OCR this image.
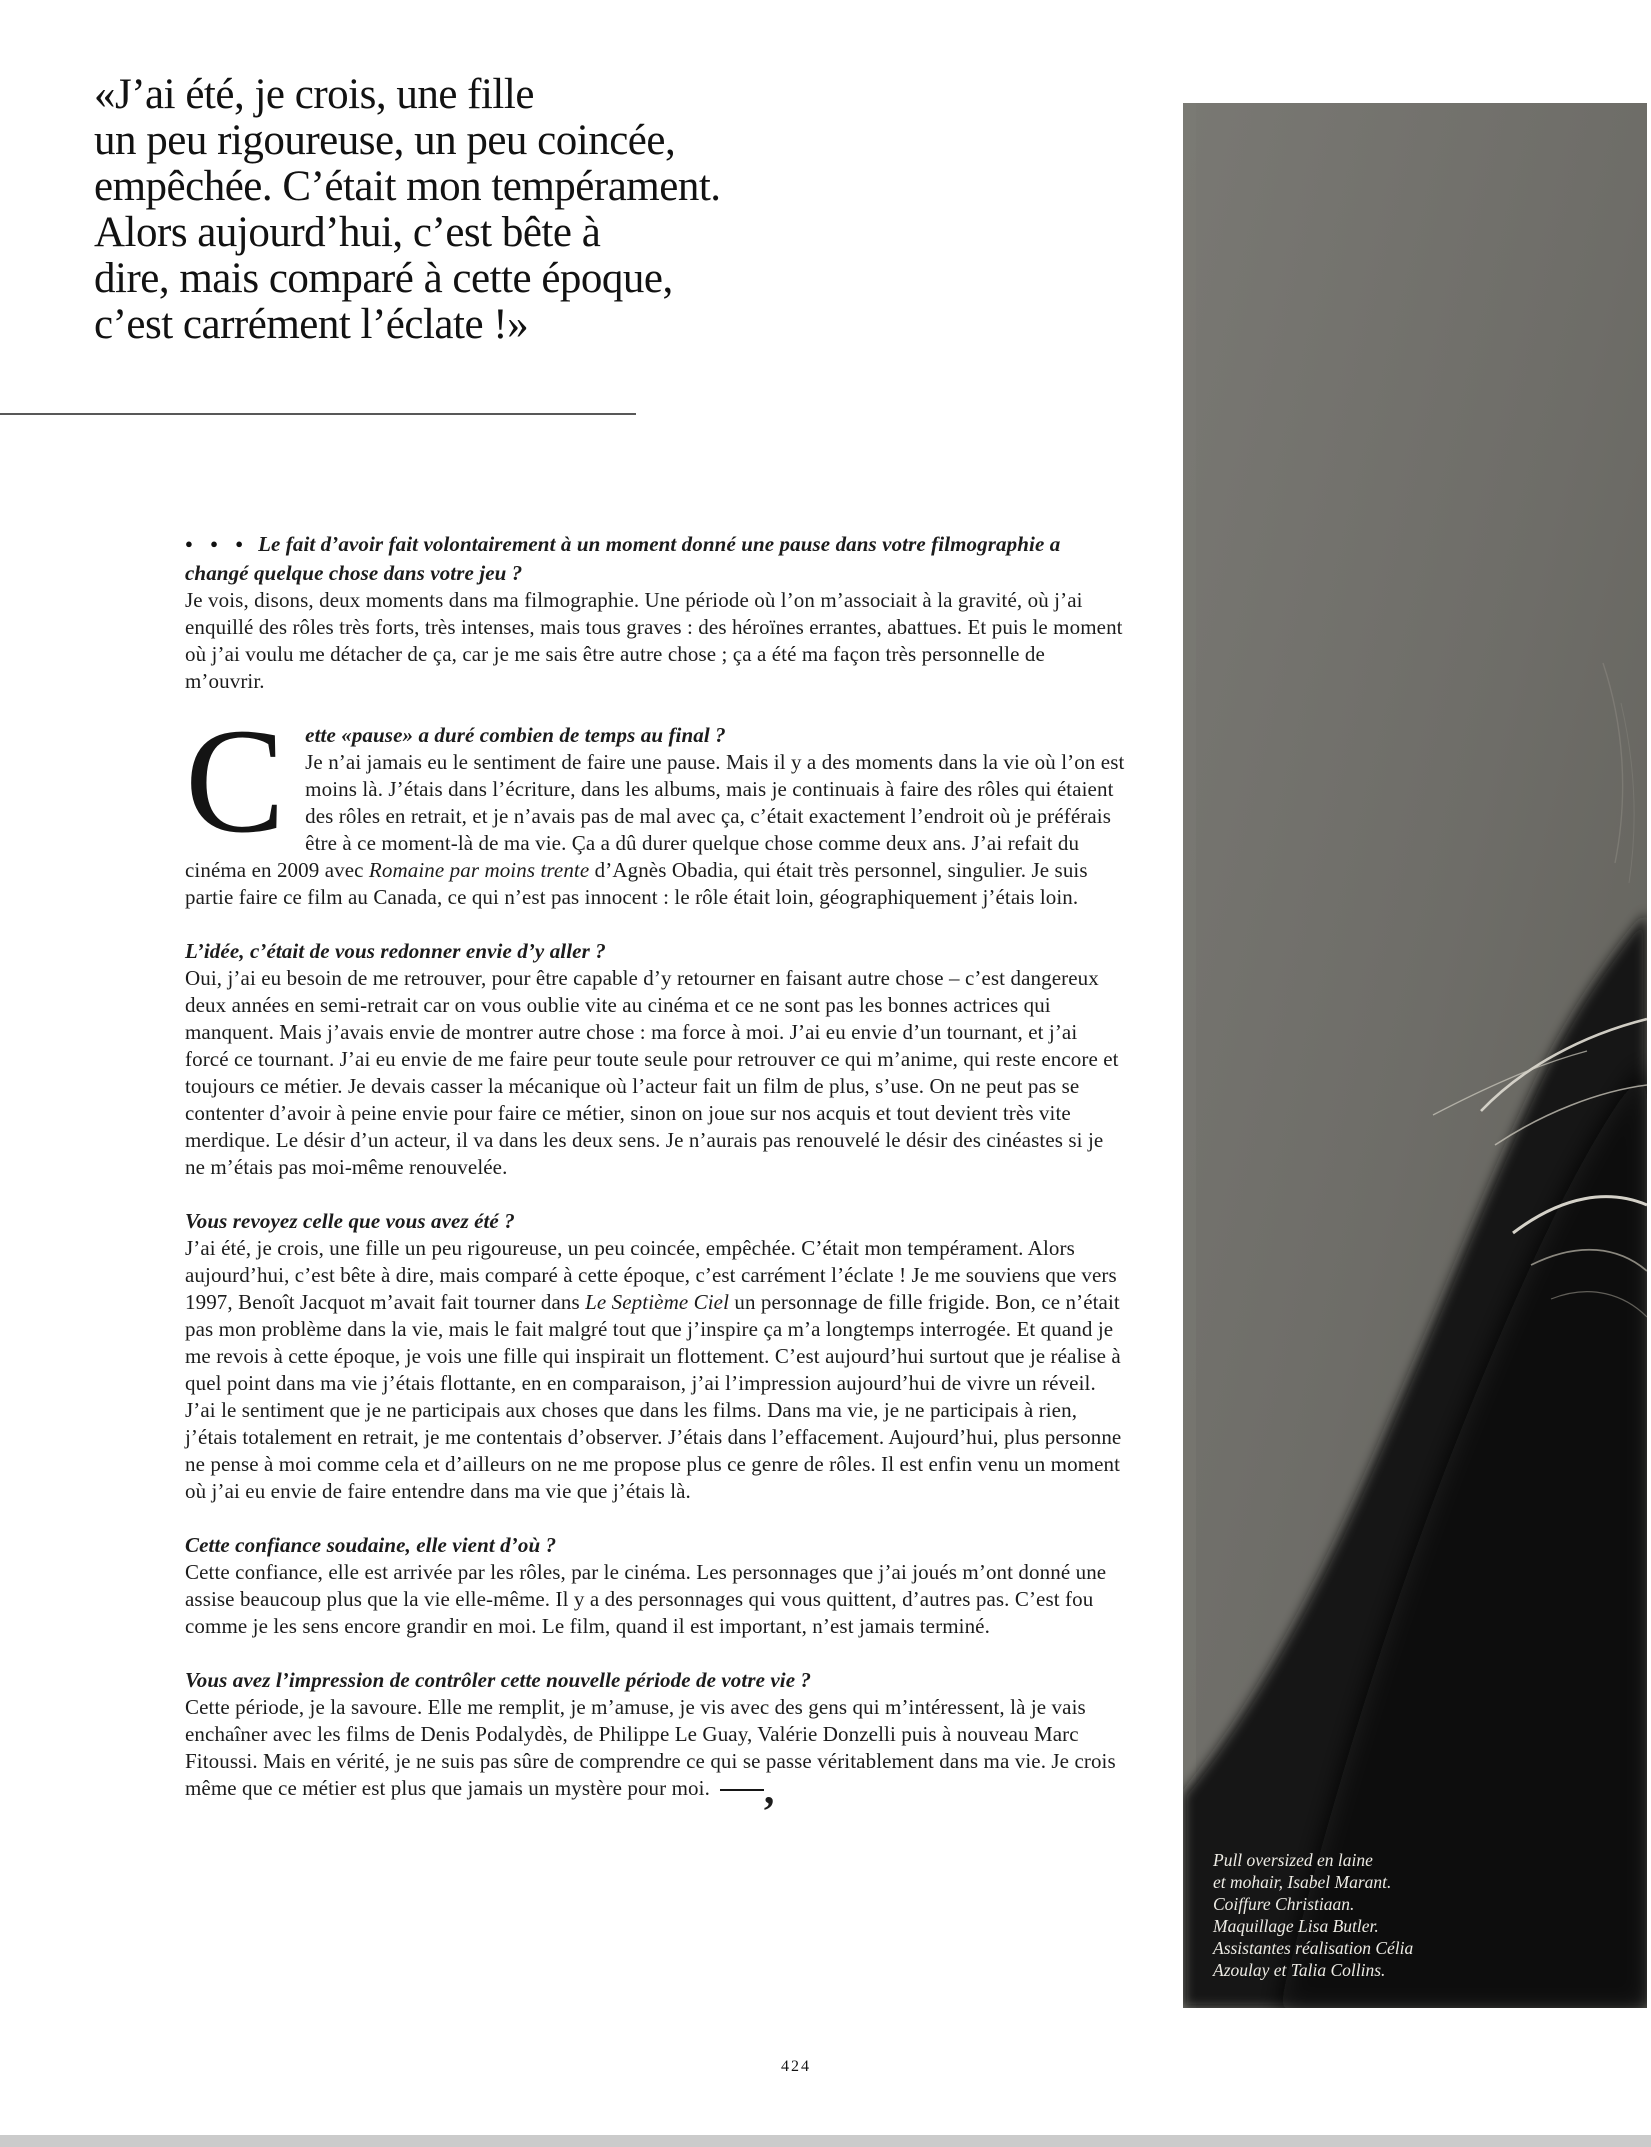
«J’ai été, je crois, une fille
un peu rigoureuse, un peu coincée,
empêchée. C’était mon tempérament.
Alors aujourd’hui, c’est bête à
dire, mais comparé à cette époque,
c’est carrément l’éclate !»

● ● ● Le fait d’avoir fait volontairement à un moment donné une pause dans votre filmographie a changé quelque chose dans votre jeu ?

Je vois, disons, deux moments dans ma filmographie. Une période où l’on m’associait à la gravité, où j’ai enquillé des rôles très forts, très intenses, mais tous graves : des héroïnes errantes, abattues. Et puis le moment où j’ai voulu me détacher de ça, car je me sais être autre chose ; ça a été ma façon très personnelle de m’ouvrir.

C ette «pause» a duré combien de temps au final ?

Je n’ai jamais eu le sentiment de faire une pause. Mais il y a des moments dans la vie où l’on est moins là. J’étais dans l’écriture, dans les albums, mais je continuais à faire des rôles qui étaient des rôles en retrait, et je n’avais pas de mal avec ça, c’était exactement l’endroit où je préférais être à ce moment-là de ma vie. Ça a dû durer quelque chose comme deux ans. J’ai refait du cinéma en 2009 avec Romaine par moins trente d’Agnès Obadia, qui était très personnel, singulier. Je suis partie faire ce film au Canada, ce qui n’est pas innocent : le rôle était loin, géographiquement j’étais loin.

L’idée, c’était de vous redonner envie d’y aller ?

Oui, j’ai eu besoin de me retrouver, pour être capable d’y retourner en faisant autre chose – c’est dangereux deux années en semi-retrait car on vous oublie vite au cinéma et ce ne sont pas les bonnes actrices qui manquent. Mais j’avais envie de montrer autre chose : ma force à moi. J’ai eu envie d’un tournant, et j’ai forcé ce tournant. J’ai eu envie de me faire peur toute seule pour retrouver ce qui m’anime, qui reste encore et toujours ce métier. Je devais casser la mécanique où l’acteur fait un film de plus, s’use. On ne peut pas se contenter d’avoir à peine envie pour faire ce métier, sinon on joue sur nos acquis et tout devient très vite merdique. Le désir d’un acteur, il va dans les deux sens. Je n’aurais pas renouvelé le désir des cinéastes si je ne m’étais pas moi-même renouvelée.

Vous revoyez celle que vous avez été ?

J’ai été, je crois, une fille un peu rigoureuse, un peu coincée, empêchée. C’était mon tempérament. Alors aujourd’hui, c’est bête à dire, mais comparé à cette époque, c’est carrément l’éclate ! Je me souviens que vers 1997, Benoît Jacquot m’avait fait tourner dans Le Septième Ciel un personnage de fille frigide. Bon, ce n’était pas mon problème dans la vie, mais le fait malgré tout que j’inspire ça m’a longtemps interrogée. Et quand je me revois à cette époque, je vois une fille qui inspirait un flottement. C’est aujourd’hui surtout que je réalise à quel point dans ma vie j’étais flottante, en en comparaison, j’ai l’impression aujourd’hui de vivre un réveil. J’ai le sentiment que je ne participais aux choses que dans les films. Dans ma vie, je ne participais à rien, j’étais totalement en retrait, je me contentais d’observer. J’étais dans l’effacement. Aujourd’hui, plus personne ne pense à moi comme cela et d’ailleurs on ne me propose plus ce genre de rôles. Il est enfin venu un moment où j’ai eu envie de faire entendre dans ma vie que j’étais là.

Cette confiance soudaine, elle vient d’où ?

Cette confiance, elle est arrivée par les rôles, par le cinéma. Les personnages que j’ai joués m’ont donné une assise beaucoup plus que la vie elle-même. Il y a des personnages qui vous quittent, d’autres pas. C’est fou comme je les sens encore grandir en moi. Le film, quand il est important, n’est jamais terminé.

Vous avez l’impression de contrôler cette nouvelle période de votre vie ?

Cette période, je la savoure. Elle me remplit, je m’amuse, je vis avec des gens qui m’intéressent, là je vais enchaîner avec les films de Denis Podalydès, de Philippe Le Guay, Valérie Donzelli puis à nouveau Marc Fitoussi. Mais en vérité, je ne suis pas sûre de comprendre ce qui se passe véritablement dans ma vie. Je crois même que ce métier est plus que jamais un mystère pour moi. ,

Pull oversized en laine
et mohair, Isabel Marant.
Coiffure Christiaan.
Maquillage Lisa Butler.
Assistantes réalisation Célia
Azoulay et Talia Collins.
424
